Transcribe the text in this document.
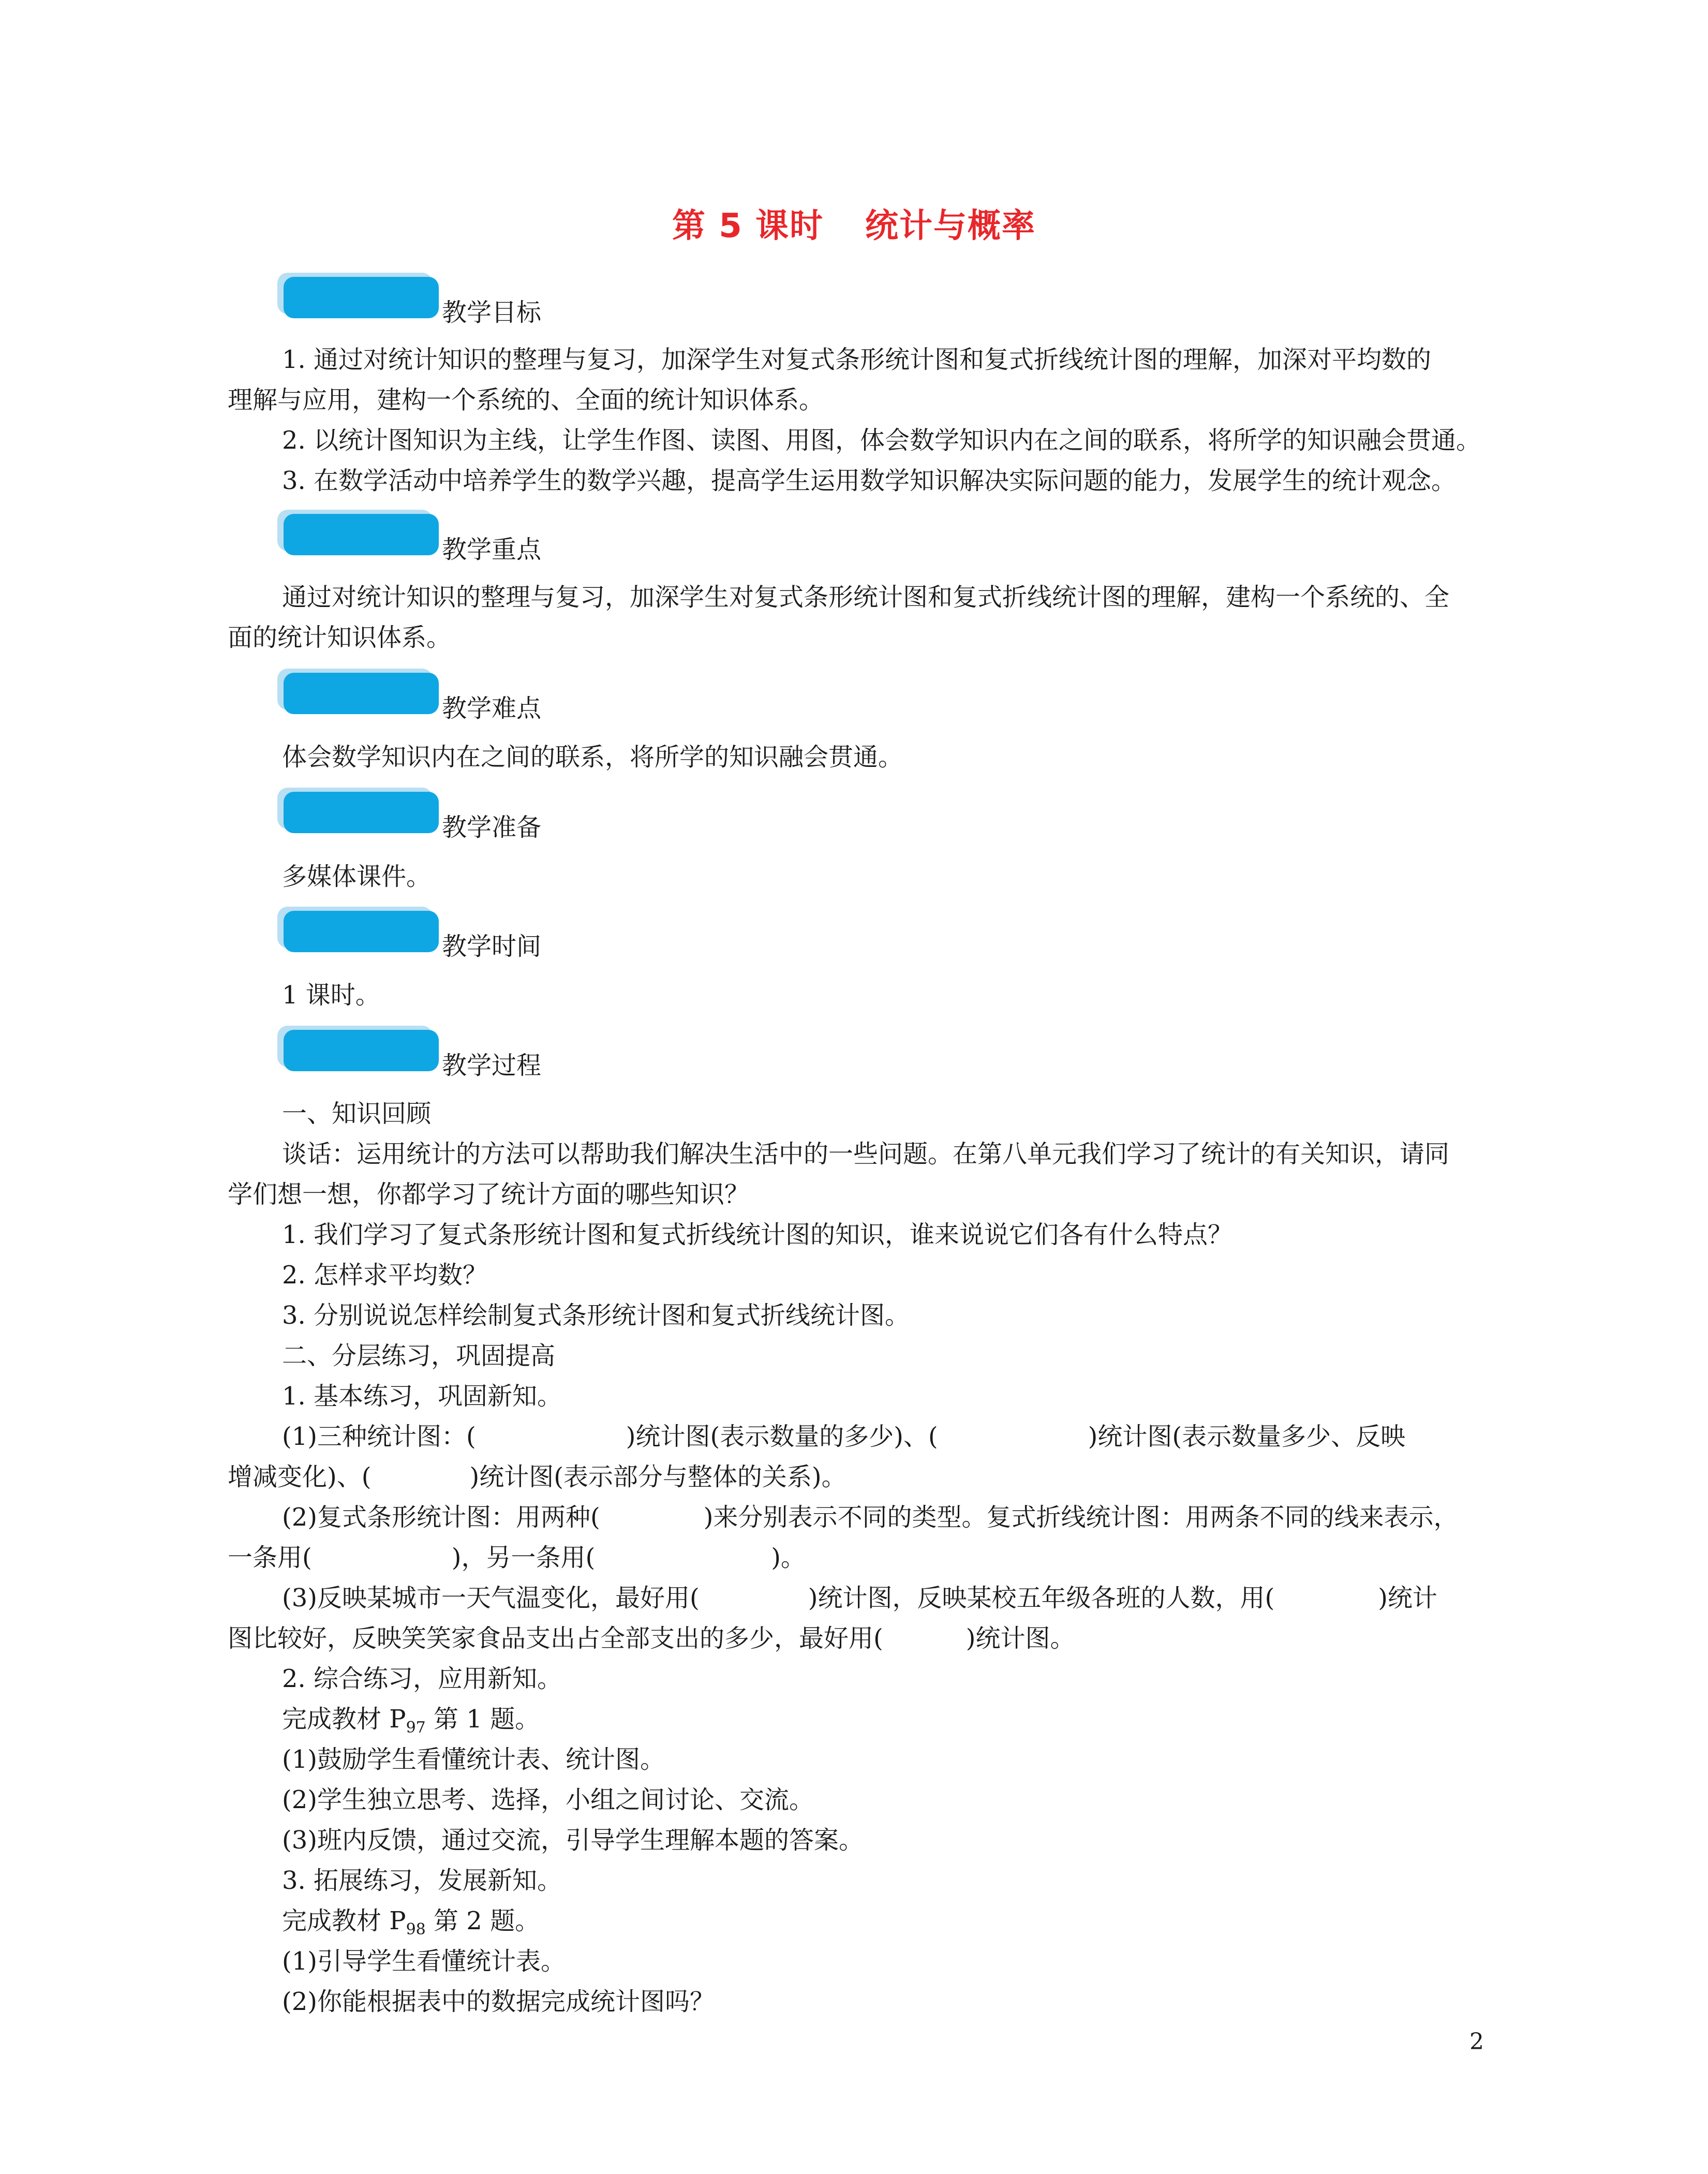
第 5 课时 统计与概率
教学目标
1. 通过对统计知识的整理与复习，加深学生对复式条形统计图和复式折线统计图的理解，加深对平均数的
理解与应用，建构一个系统的、全面的统计知识体系。
2. 以统计图知识为主线，让学生作图、读图、用图，体会数学知识内在之间的联系，将所学的知识融会贯通。
3. 在数学活动中培养学生的数学兴趣，提高学生运用数学知识解决实际问题的能力，发展学生的统计观念。
教学重点
通过对统计知识的整理与复习，加深学生对复式条形统计图和复式折线统计图的理解，建构一个系统的、全
面的统计知识体系。
教学难点
体会数学知识内在之间的联系，将所学的知识融会贯通。
教学准备
多媒体课件。
教学时间
1 课时。
教学过程
一、知识回顾
谈话：运用统计的方法可以帮助我们解决生活中的一些问题。在第八单元我们学习了统计的有关知识，请同
学们想一想，你都学习了统计方面的哪些知识？
1. 我们学习了复式条形统计图和复式折线统计图的知识，谁来说说它们各有什么特点？
2. 怎样求平均数？
3. 分别说说怎样绘制复式条形统计图和复式折线统计图。
二、分层练习，巩固提高
1. 基本练习，巩固新知。
(1)三种统计图：(	)统计图(表示数量的多少)、(	)统计图(表示数量多少、反映
增减变化)、(	)统计图(表示部分与整体的关系)。
(2)复式条形统计图：用两种(	)来分别表示不同的类型。复式折线统计图：用两条不同的线来表示，
一条用(	)，另一条用(	)。
(3)反映某城市一天气温变化，最好用(	)统计图，反映某校五年级各班的人数，用(	)统计
图比较好，反映笑笑家食品支出占全部支出的多少，最好用(	)统计图。
2. 综合练习，应用新知。
完成教材 $P_{97}$ 第 1 题。
(1)鼓励学生看懂统计表、统计图。
(2)学生独立思考、选择，小组之间讨论、交流。
(3)班内反馈，通过交流，引导学生理解本题的答案。
3. 拓展练习，发展新知。
完成教材 $P_{98}$ 第 2 题。
(1)引导学生看懂统计表。
(2)你能根据表中的数据完成统计图吗？
2
